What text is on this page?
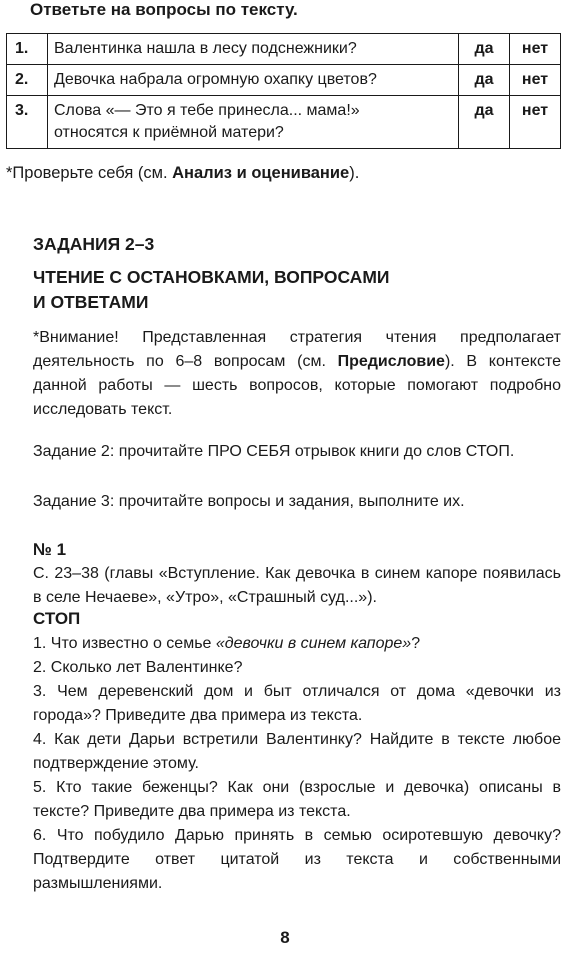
Ответьте на вопросы по тексту.
1.	Валентинка нашла в лесу подснежники?	да	нет
2.	Девочка набрала огромную охапку цветов?	да	нет
3.	Слова «— Это я тебе принесла... мама!» относятся к приёмной матери?	да	нет
*Проверьте себя (см. Анализ и оценивание).
ЗАДАНИЯ 2–3
ЧТЕНИЕ С ОСТАНОВКАМИ, ВОПРОСАМИ
И ОТВЕТАМИ
*Внимание! Представленная стратегия чтения предполагает деятельность по 6–8 вопросам (см. Предисловие). В контексте данной работы — шесть вопросов, которые помогают подробно исследовать текст.
Задание 2: прочитайте ПРО СЕБЯ отрывок книги до слов СТОП.
Задание 3: прочитайте вопросы и задания, выполните их.
№ 1
С. 23–38 (главы «Вступление. Как девочка в синем капоре появилась в селе Нечаеве», «Утро», «Страшный суд...»).
СТОП
1. Что известно о семье «девочки в синем капоре»?
2. Сколько лет Валентинке?
3. Чем деревенский дом и быт отличался от дома «девочки из города»? Приведите два примера из текста.
4. Как дети Дарьи встретили Валентинку? Найдите в тексте любое подтверждение этому.
5. Кто такие беженцы? Как они (взрослые и девочка) описаны в тексте? Приведите два примера из текста.
6. Что побудило Дарью принять в семью осиротевшую девочку? Подтвердите ответ цитатой из текста и собственными размышлениями.
8
